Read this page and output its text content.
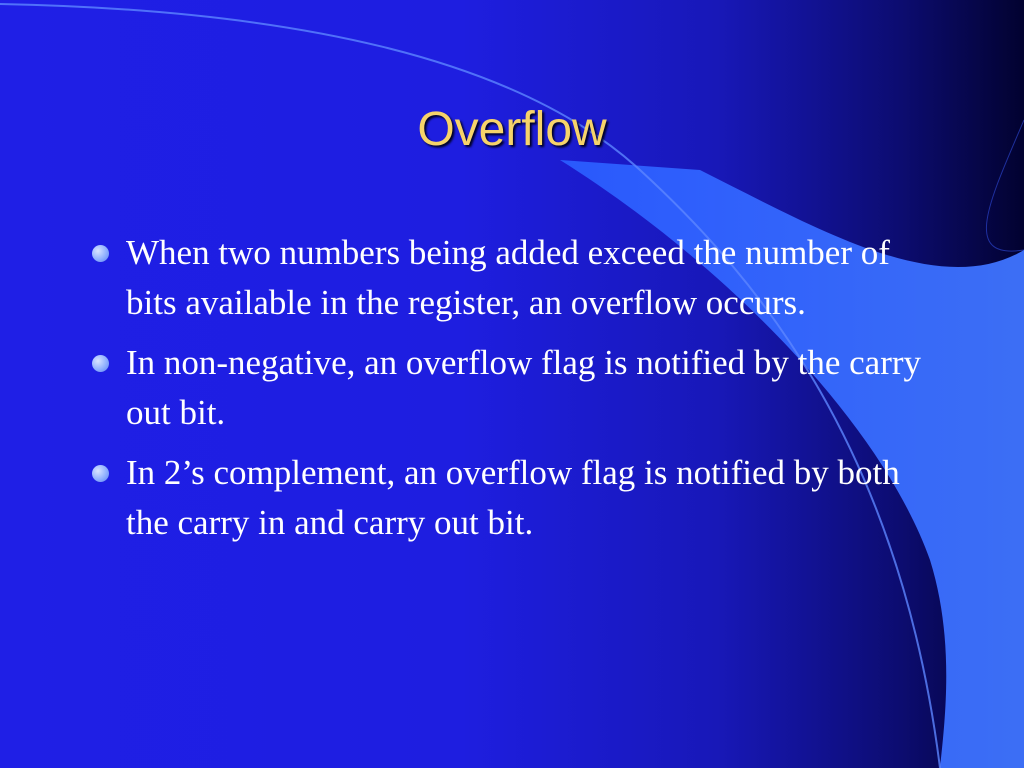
Overflow
When two numbers being added exceed the number of bits available in the register, an overflow occurs.
In non-negative, an overflow flag is notified by the carry out bit.
In 2’s complement, an overflow flag is notified by both the carry in and carry out bit.
